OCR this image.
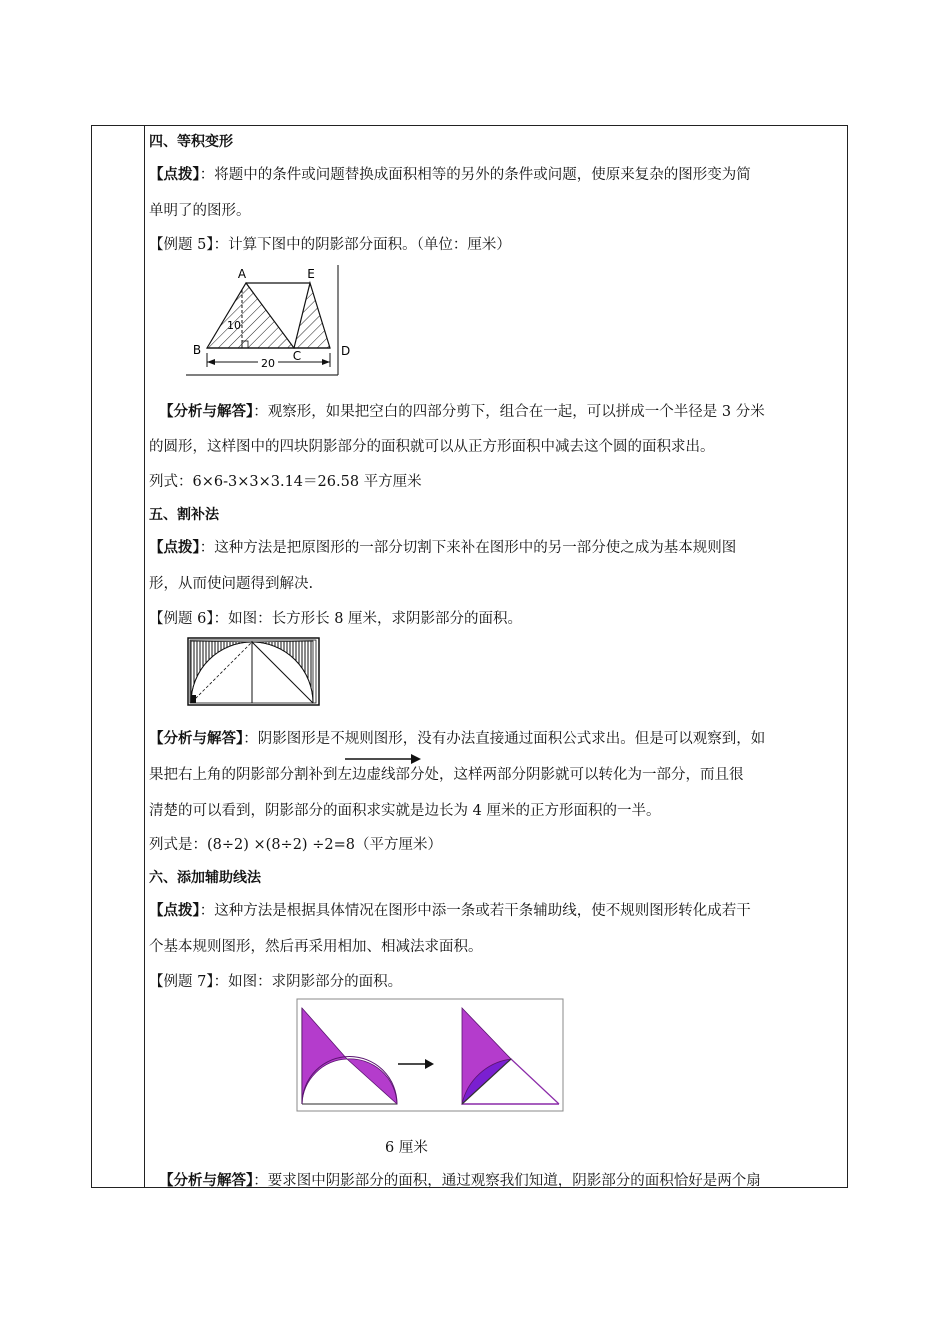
四、等积变形
【点拨】：将题中的条件或问题替换成面积相等的另外的条件或问题，使原来复杂的图形变为简
单明了的图形。
【例题 5】：计算下图中的阴影部分面积。（单位：厘米）
20
10
A	E
B	C	D
【分析与解答】：观察形，如果把空白的四部分剪下，组合在一起，可以拼成一个半径是 3 分米
的圆形，这样图中的四块阴影部分的面积就可以从正方形面积中减去这个圆的面积求出。
列式：6×6-3×3×3.14＝26.58 平方厘米
五、割补法
【点拨】：这种方法是把原图形的一部分切割下来补在图形中的另一部分使之成为基本规则图
形，从而使问题得到解决.
【例题 6】：如图：长方形长 8 厘米，求阴影部分的面积。
【分析与解答】：阴影图形是不规则图形，没有办法直接通过面积公式求出。但是可以观察到，如
果把右上角的阴影部分割补到左边虚线部分处，这样两部分阴影就可以转化为一部分，而且很
清楚的可以看到，阴影部分的面积求实就是边长为 4 厘米的正方形面积的一半。
列式是：(8÷2) ×(8÷2) ÷2=8（平方厘米）
六、添加辅助线法
【点拨】：这种方法是根据具体情况在图形中添一条或若干条辅助线，使不规则图形转化成若干
个基本规则图形，然后再采用相加、相减法求面积。
【例题 7】：如图：求阴影部分的面积。
6 厘米
【分析与解答】：要求图中阴影部分的面积，通过观察我们知道，阴影部分的面积恰好是两个扇
